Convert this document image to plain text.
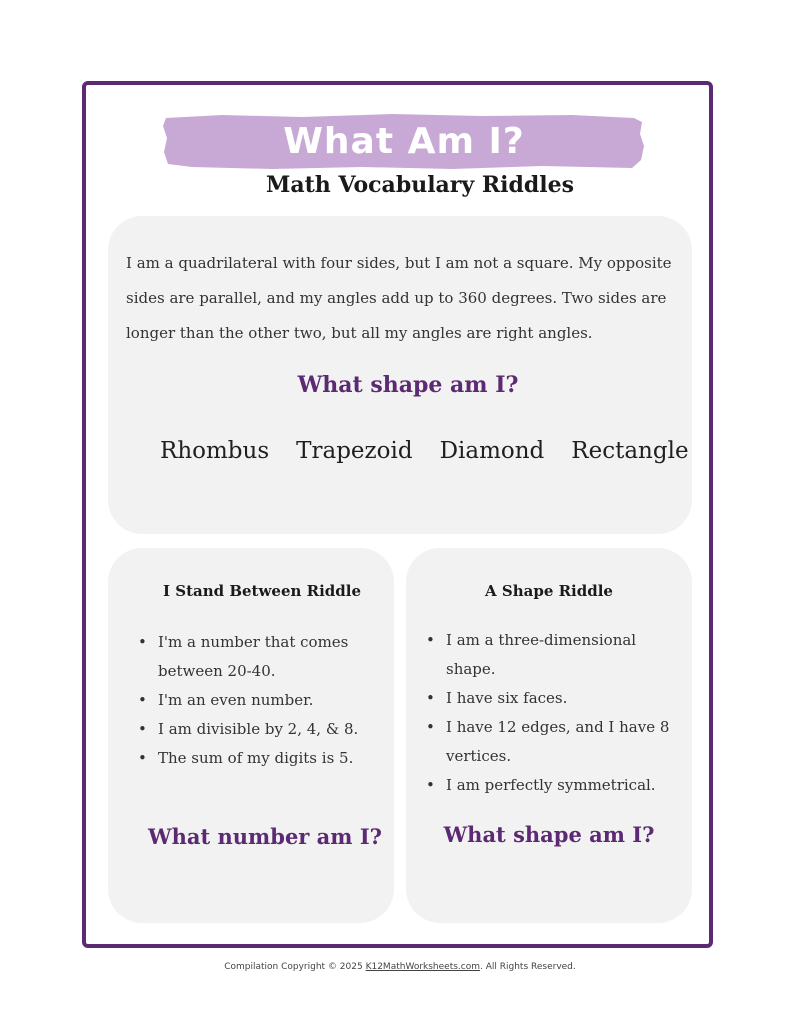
What Am I?
Math Vocabulary Riddles
I am a quadrilateral with four sides, but I am not a square. My opposite sides are parallel, and my angles add up to 360 degrees. Two sides are longer than the other two, but all my angles are right angles.
What shape am I?
Rhombus Trapezoid Diamond Rectangle
I Stand Between Riddle
• I'm a number that comes between 20-40.
• I'm an even number.
• I am divisible by 2, 4, & 8.
• The sum of my digits is 5.
What number am I?
A Shape Riddle
• I am a three-dimensional shape.
• I have six faces.
• I have 12 edges, and I have 8 vertices.
• I am perfectly symmetrical.
What shape am I?
Compilation Copyright © 2025 K12MathWorksheets.com. All Rights Reserved.
